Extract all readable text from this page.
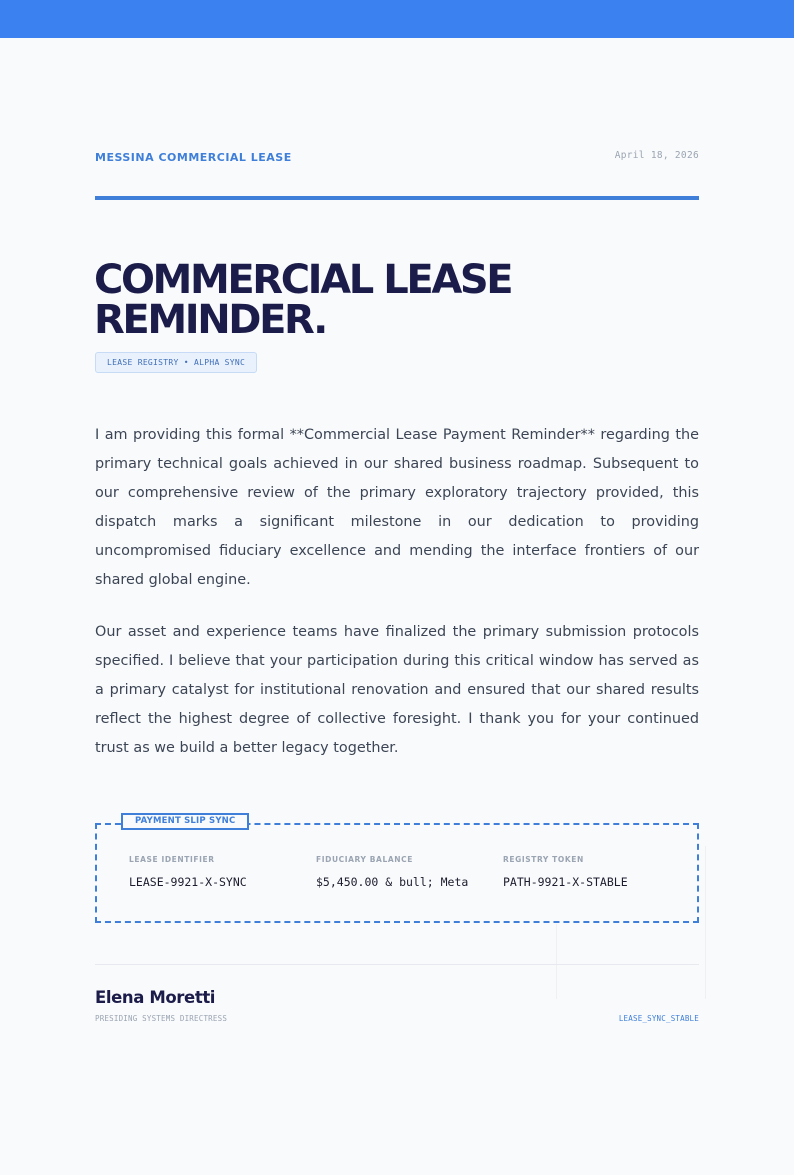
MESSINA COMMERCIAL LEASE	April 18, 2026
COMMERCIAL LEASE
REMINDER.
LEASE REGISTRY • ALPHA SYNC

I am providing this formal **Commercial Lease Payment Reminder** regarding the primary technical goals achieved in our shared business roadmap. Subsequent to our comprehensive review of the primary exploratory trajectory provided, this dispatch marks a significant milestone in our dedication to providing uncompromised fiduciary excellence and mending the interface frontiers of our shared global engine.

Our asset and experience teams have finalized the primary submission protocols specified. I believe that your participation during this critical window has served as a primary catalyst for institutional renovation and ensured that our shared results reflect the highest degree of collective foresight. I thank you for your continued trust as we build a better legacy together.

PAYMENT SLIP SYNC
LEASE IDENTIFIER
LEASE-9921-X-SYNC
FIDUCIARY BALANCE
$5,450.00 & bull; Meta
REGISTRY TOKEN
PATH-9921-X-STABLE
Elena Moretti
PRESIDING SYSTEMS DIRECTRESS	LEASE_SYNC_STABLE
